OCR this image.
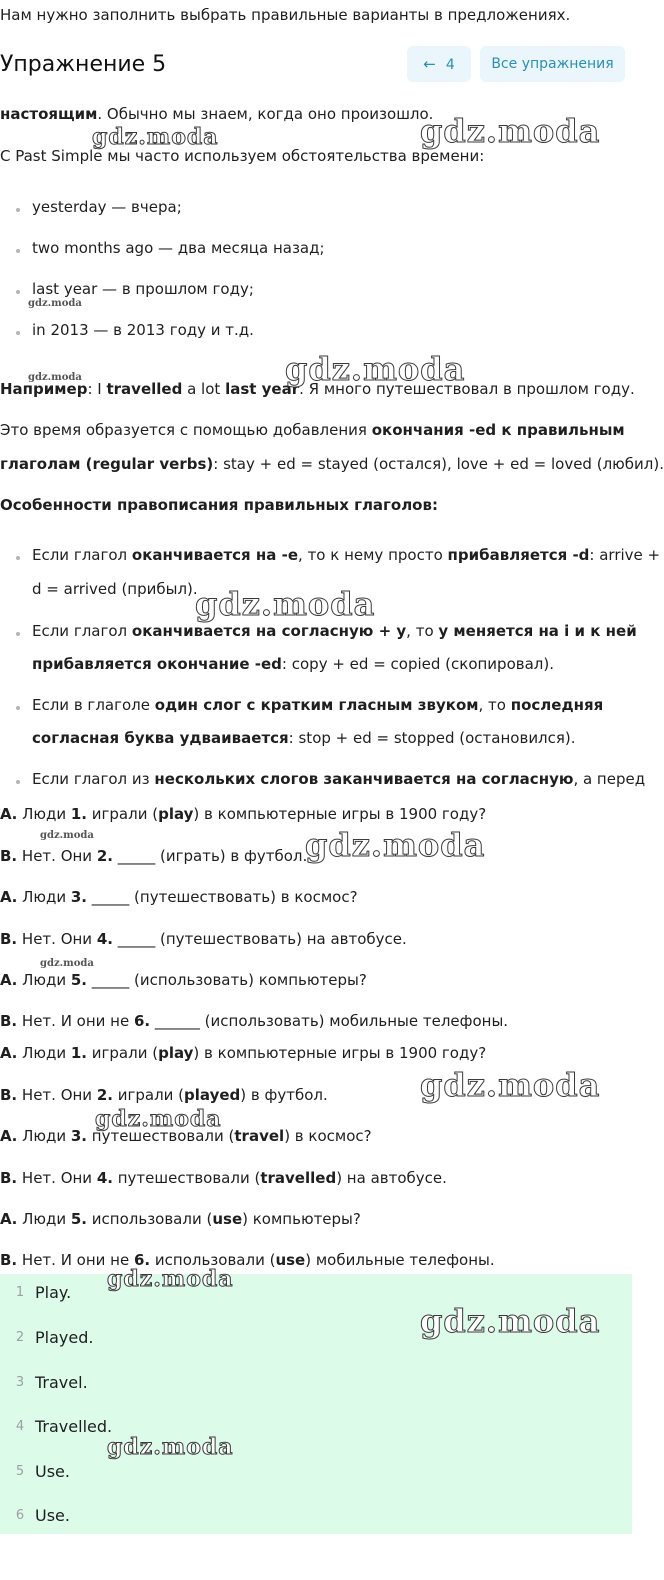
Нам нужно заполнить выбрать правильные варианты в предложениях.
Упражнение 5	← 4	Все упражнения
настоящим. Обычно мы знаем, когда оно произошло.
С Past Simple мы часто используем обстоятельства времени:
yesterday — вчера;
two months ago — два месяца назад;
last year — в прошлом году;
in 2013 — в 2013 году и т.д.
Например: I travelled a lot last year. Я много путешествовал в прошлом году.
Это время образуется с помощью добавления окончания -ed к правильным
глаголам (regular verbs): stay + ed = stayed (остался), love + ed = loved (любил).
Особенности правописания правильных глаголов:
Если глагол оканчивается на -е, то к нему просто прибавляется -d: arrive +
d = arrived (прибыл).
Если глагол оканчивается на согласную + у, то у меняется на i и к ней
прибавляется окончание -ed: copy + ed = copied (скопировал).
Если в глаголе один слог с кратким гласным звуком, то последняя
согласная буква удваивается: stop + ed = stopped (остановился).
Если глагол из нескольких слогов заканчивается на согласную, а перед
А. Люди 1. играли (play) в компьютерные игры в 1900 году?
В. Нет. Они 2. _____ (играть) в футбол.
А. Люди 3. _____ (путешествовать) в космос?
В. Нет. Они 4. _____ (путешествовать) на автобусе.
А. Люди 5. _____ (использовать) компьютеры?
В. Нет. И они не 6. ______ (использовать) мобильные телефоны.
А. Люди 1. играли (play) в компьютерные игры в 1900 году?
В. Нет. Они 2. играли (played) в футбол.
А. Люди 3. путешествовали (travel) в космос?
В. Нет. Они 4. путешествовали (travelled) на автобусе.
А. Люди 5. использовали (use) компьютеры?
В. Нет. И они не 6. использовали (use) мобильные телефоны.
1 Play.
2 Played.
3 Travel.
4 Travelled.
5 Use.
6 Use.
gdz.moda
gdz.moda
gdz.moda
gdz.moda	gdz.moda
gdz.moda
gdz.moda	gdz.moda
gdz.moda
gdz.moda
gdz.moda
gdz.moda
gdz.moda
gdz.moda
